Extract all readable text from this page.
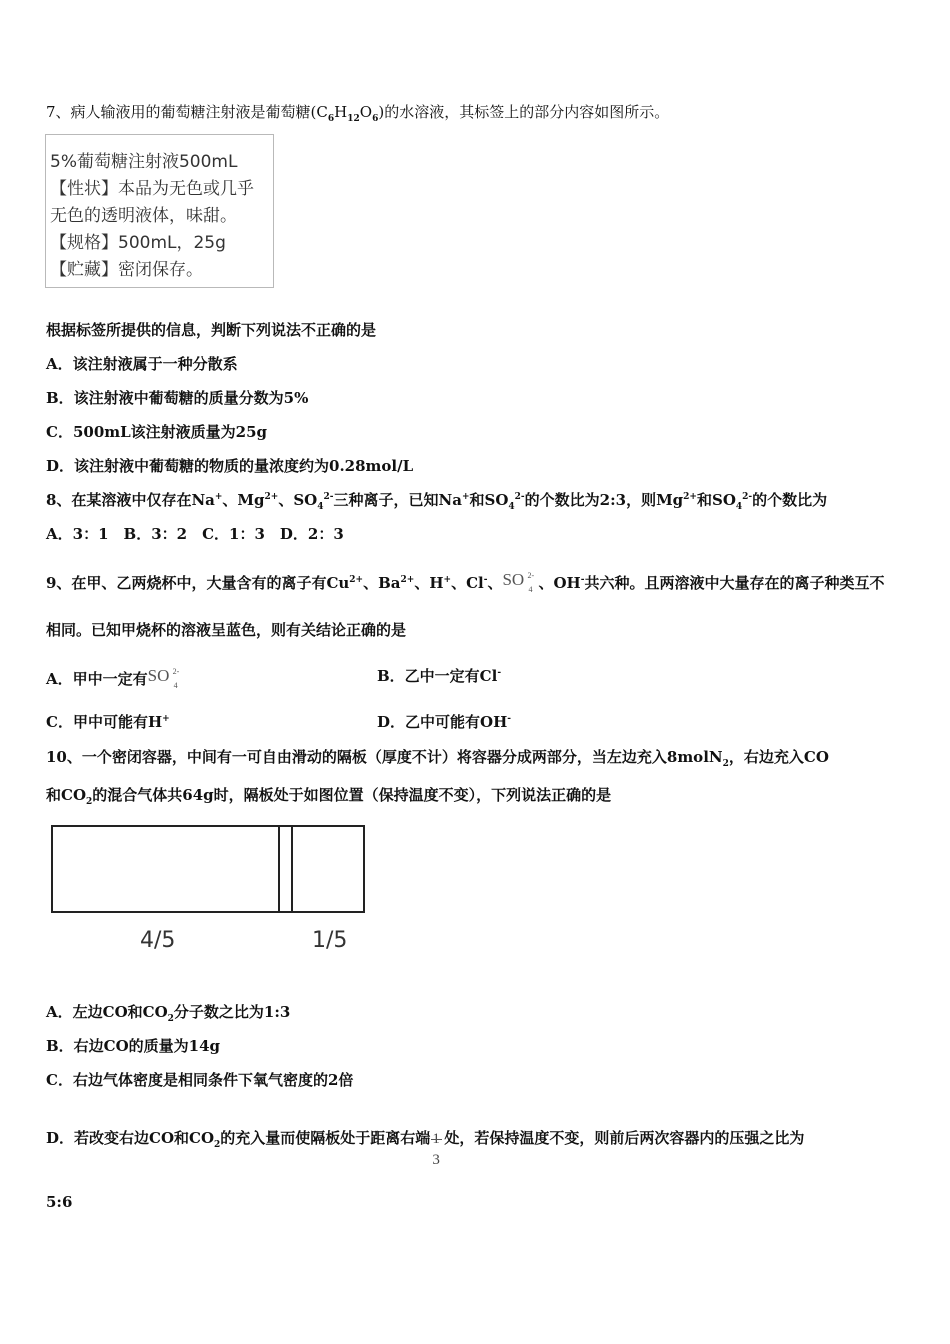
7、病人输液用的葡萄糖注射液是葡萄糖$(C_6H_{12}O_6)$的水溶液，其标签上的部分内容如图所示。
5%葡萄糖注射液500mL
【性状】本品为无色或几乎
无色的透明液体，味甜。
【规格】500mL，25g
【贮藏】密闭保存。
根据标签所提供的信息，判断下列说法不正确的是
A．该注射液属于一种分散系
B．该注射液中葡萄糖的质量分数为5%
C．500mL该注射液质量为25g
D．该注射液中葡萄糖的物质的量浓度约为0.28mol/L
8、在某溶液中仅存在Na+、$Mg^{2+}$、$SO_4^{2-}$三种离子，已知Na+和$SO_4^{2-}$的个数比为2:3，则$Mg^{2+}$和$SO_4^{2-}$的个数比为
A．3：1　B．3：2　C．1：3　D．2：3
9、在甲、乙两烧杯中，大量含有的离子有$Cu^{2+}$、$Ba^{2+}$、H+、Cl-、 SO 2-
4 、OH-共六种。且两溶液中大量存在的离子种类互不
相同。已知甲烧杯的溶液呈蓝色，则有关结论正确的是
A．甲中一定有 SO 2-
4
B．乙中一定有Cl-
C．甲中可能有H+	D．乙中可能有OH-
10、一个密闭容器，中间有一可自由滑动的隔板（厚度不计）将容器分成两部分，当左边充入8molN$_2$，右边充入CO
和$CO_2$的混合气体共64g时，隔板处于如图位置（保持温度不变），下列说法正确的是
4/5	1/5
A．左边CO和$CO_2$分子数之比为1:3
B．右边CO的质量为14g
C．右边气体密度是相同条件下氧气密度的2倍
D．若改变右边CO和$CO_2$的充入量而使隔板处于距离右端
3
处，若保持温度不变，则前后两次容器内的压强之比为
5:6
